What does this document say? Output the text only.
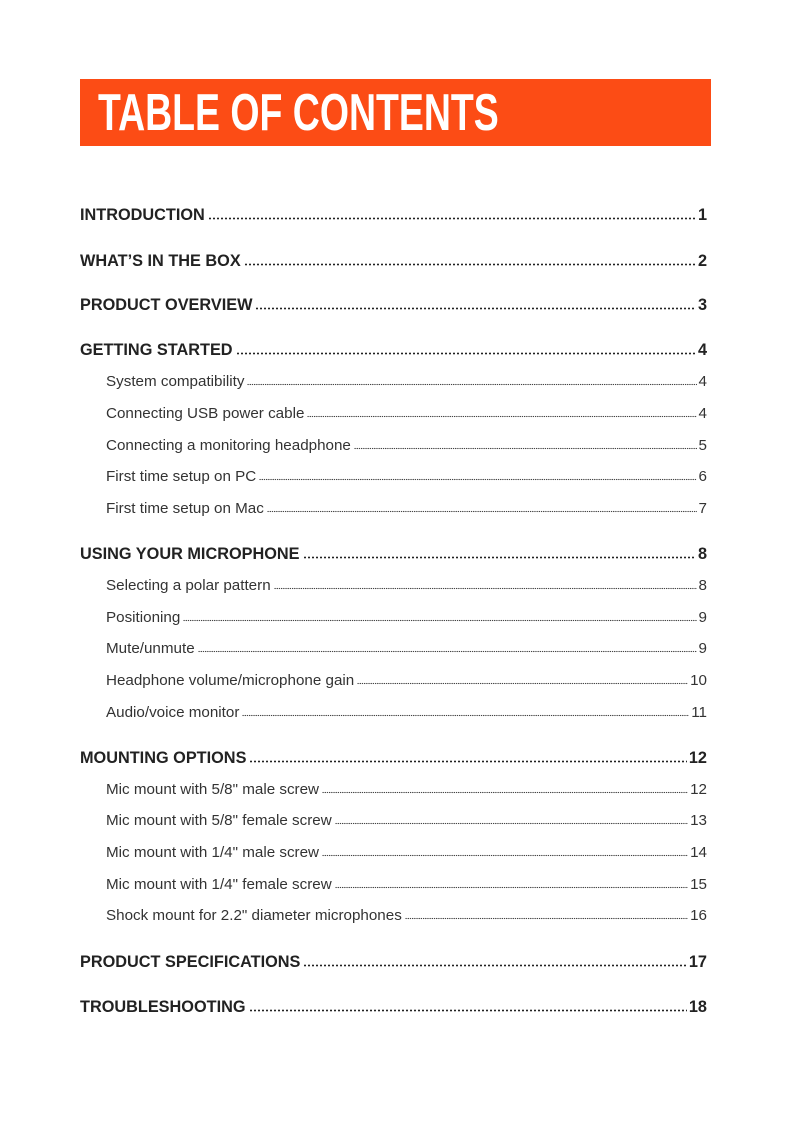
TABLE OF CONTENTS
INTRODUCTION	1
WHAT’S IN THE BOX	2
PRODUCT OVERVIEW	3
GETTING STARTED	4
System compatibility	4
Connecting USB power cable	4
Connecting a monitoring headphone	5
First time setup on PC	6
First time setup on Mac	7
USING YOUR MICROPHONE	8
Selecting a polar pattern	8
Positioning	9
Mute/unmute	9
Headphone volume/microphone gain	10
Audio/voice monitor	11
MOUNTING OPTIONS	12
Mic mount with 5/8" male screw	12
Mic mount with 5/8" female screw	13
Mic mount with 1/4" male screw	14
Mic mount with 1/4" female screw	15
Shock mount for 2.2" diameter microphones	16
PRODUCT SPECIFICATIONS	17
TROUBLESHOOTING	18
